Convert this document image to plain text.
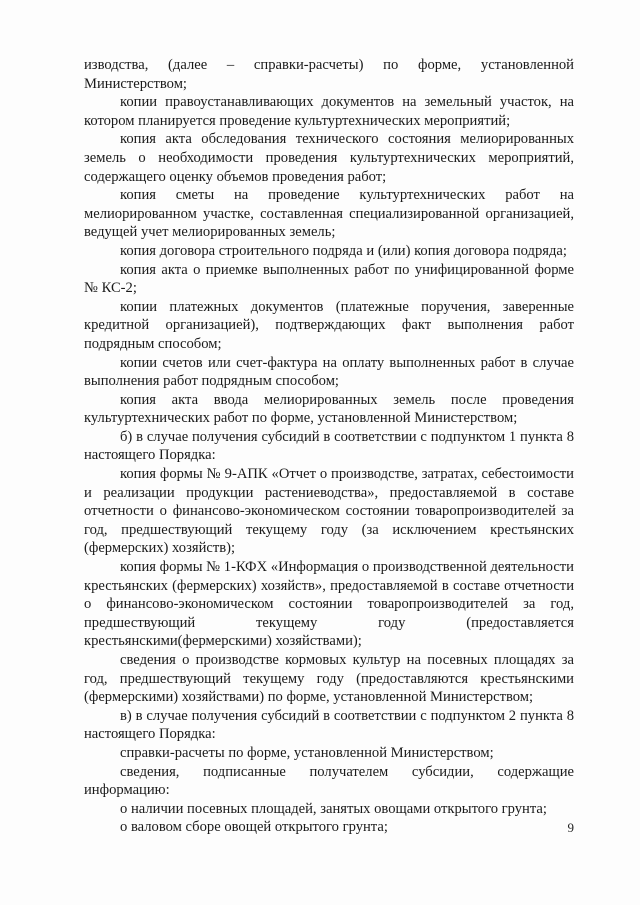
изводства, (далее – справки-расчеты) по форме, установленной Министерством;

копии правоустанавливающих документов на земельный участок, на котором планируется проведение культуртехнических мероприятий;

копия акта обследования технического состояния мелиорированных земель о необходимости проведения культуртехнических мероприятий, содержащего оценку объемов проведения работ;

копия сметы на проведение культуртехнических работ на мелиорированном участке, составленная специализированной организацией, ведущей учет мелиорированных земель;

копия договора строительного подряда и (или) копия договора подряда;

копия акта о приемке выполненных работ по унифицированной форме № КС-2;

копии платежных документов (платежные поручения, заверенные кредитной организацией), подтверждающих факт выполнения работ подрядным способом;

копии счетов или счет-фактура на оплату выполненных работ в случае выполнения работ подрядным способом;

копия акта ввода мелиорированных земель после проведения культуртехнических работ по форме, установленной Министерством;

б) в случае получения субсидий в соответствии с подпунктом 1 пункта 8 настоящего Порядка:

копия формы № 9-АПК «Отчет о производстве, затратах, себестоимости и реализации продукции растениеводства», предоставляемой в составе отчетности о финансово-экономическом состоянии товаропроизводителей за год, предшествующий текущему году (за исключением крестьянских (фермерских) хозяйств);

копия формы № 1-КФХ «Информация о производственной деятельности крестьянских (фермерских) хозяйств», предоставляемой в составе отчетности о финансово-экономическом состоянии товаропроизводителей за год, предшествующий текущему году (предоставляется крестьянскими(фермерскими) хозяйствами);

сведения о производстве кормовых культур на посевных площадях за год, предшествующий текущему году (предоставляются крестьянскими (фермерскими) хозяйствами) по форме, установленной Министерством;

в) в случае получения субсидий в соответствии с подпунктом 2 пункта 8 настоящего Порядка:

справки-расчеты по форме, установленной Министерством;

сведения, подписанные получателем субсидии, содержащие информацию:

о наличии посевных площадей, занятых овощами открытого грунта;

о валовом сборе овощей открытого грунта;	9
